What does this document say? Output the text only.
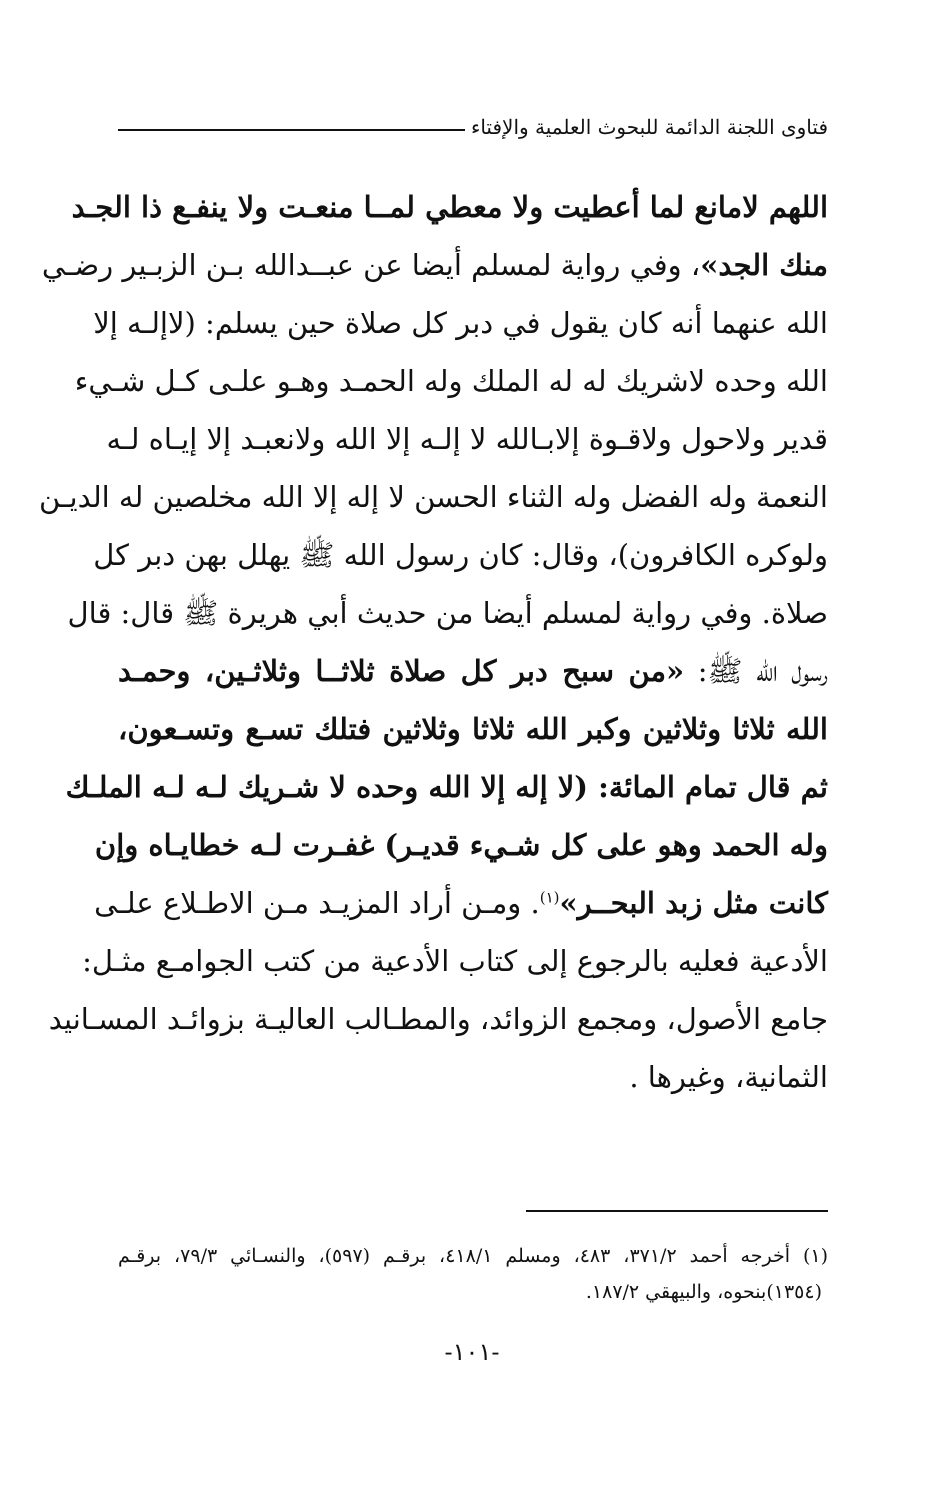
فتاوى اللجنة الدائمة للبحوث العلمية والإفتاء
اللهم لامانع لما أعطيت ولا معطي لمــا منعـت ولا ينفـع ذا الجـد
منك الجد»، وفي رواية لمسلم أيضا عن عبــدالله بـن الزبـير رضـي
الله عنهما أنه كان يقول في دبر كل صلاة حين يسلم: (لاإلـه إلا
الله وحده لاشريك له له الملك وله الحمـد وهـو علـى كـل شـيء
قدير ولاحول ولاقـوة إلابـالله لا إلـه إلا الله ولانعبـد إلا إيـاه لـه
النعمة وله الفضل وله الثناء الحسن لا إله إلا الله مخلصين له الديـن
ولوكره الكافرون)، وقال: كان رسول الله ﷺ يهلل بهن دبر كل
صلاة. وفي رواية لمسلم أيضا من حديث أبي هريرة ﷺ قال: قال
رسول الله ﷺ: «من سبح دبر كل صلاة ثلاثــا وثلاثـين، وحمـد
الله ثلاثا وثلاثين وكبر الله ثلاثا وثلاثين فتلك تسـع وتسـعون،
ثم قال تمام المائة: (لا إله إلا الله وحده لا شـريك لـه لـه الملـك
وله الحمد وهو على كل شـيء قديـر) غفـرت لـه خطايـاه وإن
كانت مثل زبد البحــر»$^{(١)}$. ومـن أراد المزيـد مـن الاطـلاع علـى
الأدعية فعليه بالرجوع إلى كتاب الأدعية من كتب الجوامـع مثـل:
جامع الأصول، ومجمع الزوائد، والمطـالب العاليـة بزوائـد المسـانيد
الثمانية، وغيرها .
(١) أخرجه أحمد ٣٧١/٢، ٤٨٣، ومسلم ٤١٨/١، برقـم (٥٩٧)، والنسـائي ٧٩/٣، برقـم
(١٣٥٤)بنحوه، والبيهقي ١٨٧/٢.
-١٠١-
